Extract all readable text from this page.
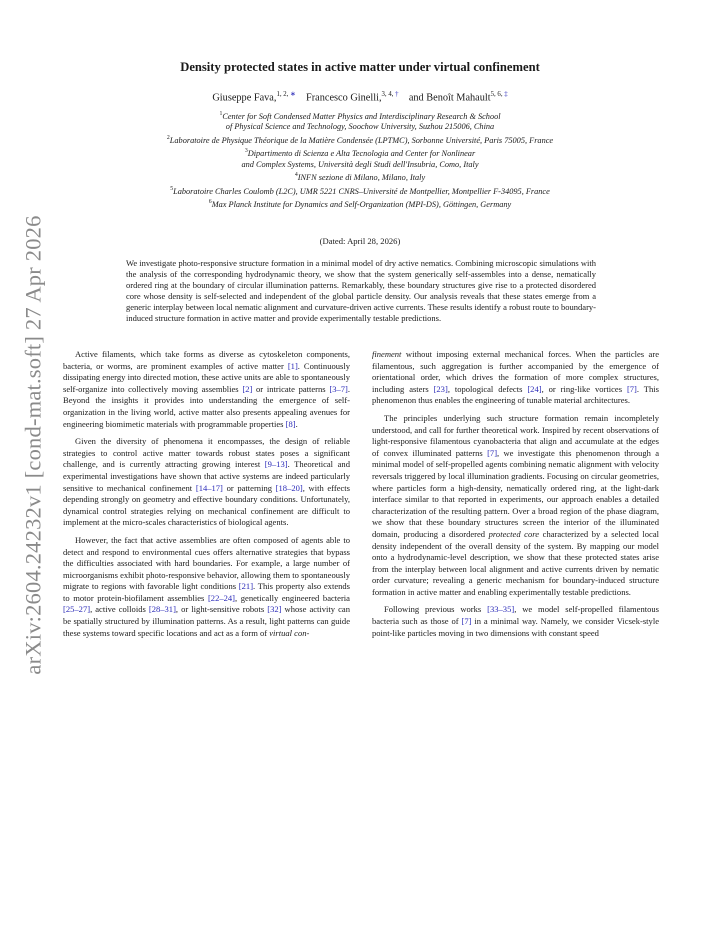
arXiv:2604.24232v1 [cond-mat.soft] 27 Apr 2026
Density protected states in active matter under virtual confinement
Giuseppe Fava,$^{1, 2,}$ ∗  Francesco Ginelli,$^{3, 4,}$ †  and Benoît Mahault$^{5, 6,}$ ‡
$^1$Center for Soft Condensed Matter Physics and Interdisciplinary Research & School
of Physical Science and Technology, Soochow University, Suzhou 215006, China
$^2$Laboratoire de Physique Théorique de la Matière Condensée (LPTMC), Sorbonne Université, Paris 75005, France
$^3$Dipartimento di Scienza e Alta Tecnologia and Center for Nonlinear
and Complex Systems, Università degli Studi dell'Insubria, Como, Italy
$^4$INFN sezione di Milano, Milano, Italy
$^5$Laboratoire Charles Coulomb (L2C), UMR 5221 CNRS–Université de Montpellier, Montpellier F-34095, France
$^6$Max Planck Institute for Dynamics and Self-Organization (MPI-DS), Göttingen, Germany
(Dated: April 28, 2026)

We investigate photo-responsive structure formation in a minimal model of dry active nematics. Combining microscopic simulations with the analysis of the corresponding hydrodynamic theory, we show that the system generically self-assembles into a dense, nematically ordered ring at the boundary of circular illumination patterns. Remarkably, these boundary structures give rise to a protected disordered core whose density is self-selected and independent of the global particle density. Our analysis reveals that these states emerge from a generic interplay between local nematic alignment and curvature-driven active currents. These results identify a robust route to boundary-induced structure formation in active matter and provide experimentally testable predictions.

Active filaments, which take forms as diverse as cytoskeleton components, bacteria, or worms, are prominent examples of active matter [1]. Continuously dissipating energy into directed motion, these active units are able to spontaneously self-organize into collectively moving assemblies [2] or intricate patterns [3–7]. Beyond the insights it provides into understanding the emergence of self-organization in the living world, active matter also presents appealing avenues for engineering biomimetic materials with programmable properties [8].

Given the diversity of phenomena it encompasses, the design of reliable strategies to control active matter towards robust states poses a significant challenge, and is currently attracting growing interest [9–13]. Theoretical and experimental investigations have shown that active systems are indeed particularly sensitive to mechanical confinement [14–17] or patterning [18–20], with effects depending strongly on geometry and effective boundary conditions. Unfortunately, dynamical control strategies relying on mechanical confinement are difficult to implement at the micro-scales characteristics of biological agents.

However, the fact that active assemblies are often composed of agents able to detect and respond to environmental cues offers alternative strategies that bypass the difficulties associated with hard boundaries. For example, a large number of microorganisms exhibit photo-responsive behavior, allowing them to spontaneously migrate to regions with favorable light conditions [21]. This property also extends to motor protein-biofilament assemblies [22–24], genetically engineered bacteria [25–27], active colloids [28–31], or light-sensitive robots [32] whose activity can be spatially structured by illumination patterns. As a result, light patterns can guide these systems toward specific locations and act as a form of virtual con-

finement without imposing external mechanical forces. When the particles are filamentous, such aggregation is further accompanied by the emergence of orientational order, which drives the formation of more complex structures, including asters [23], topological defects [24], or ring-like vortices [7]. This phenomenon thus enables the engineering of tunable material architectures.

The principles underlying such structure formation remain incompletely understood, and call for further theoretical work. Inspired by recent observations of light-responsive filamentous cyanobacteria that align and accumulate at the edges of convex illuminated patterns [7], we investigate this phenomenon through a minimal model of self-propelled agents combining nematic alignment with velocity reversals triggered by local illumination gradients. Focusing on circular geometries, where particles form a high-density, nematically ordered ring, at the light-dark interface similar to that reported in experiments, our approach enables a detailed characterization of the resulting pattern. Over a broad region of the phase diagram, we show that these boundary structures screen the interior of the illuminated domain, producing a disordered protected core characterized by a selected local density independent of the overall density of the system. By mapping our model onto a hydrodynamic-level description, we show that these protected states arise from the interplay between local alignment and active currents driven by nematic order curvature; revealing a generic mechanism for boundary-induced structure formation in active matter and enabling experimentally testable predictions.

Following previous works [33–35], we model self-propelled filamentous bacteria such as those of [7] in a minimal way. Namely, we consider Vicsek-style point-like particles moving in two dimensions with constant speed
